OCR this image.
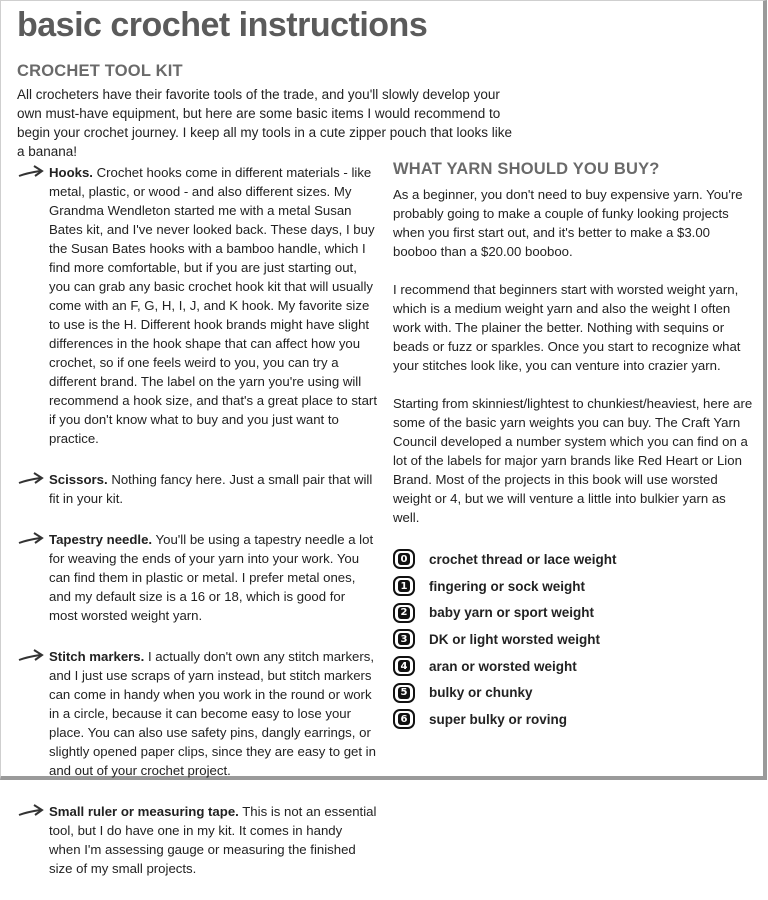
basic crochet instructions
CROCHET TOOL KIT

All crocheters have their favorite tools of the trade, and you'll slowly develop your own must-have equipment, but here are some basic items I would recommend to begin your crochet journey. I keep all my tools in a cute zipper pouch that looks like a banana!

Hooks. Crochet hooks come in different materials - like metal, plastic, or wood - and also different sizes. My Grandma Wendleton started me with a metal Susan Bates kit, and I've never looked back. These days, I buy the Susan Bates hooks with a bamboo handle, which I find more comfortable, but if you are just starting out, you can grab any basic crochet hook kit that will usually come with an F, G, H, I, J, and K hook. My favorite size to use is the H. Different hook brands might have slight differences in the hook shape that can affect how you crochet, so if one feels weird to you, you can try a different brand. The label on the yarn you're using will recommend a hook size, and that's a great place to start if you don't know what to buy and you just want to practice.
Scissors. Nothing fancy here. Just a small pair that will fit in your kit.
Tapestry needle. You'll be using a tapestry needle a lot for weaving the ends of your yarn into your work. You can find them in plastic or metal. I prefer metal ones, and my default size is a 16 or 18, which is good for most worsted weight yarn.
Stitch markers. I actually don't own any stitch markers, and I just use scraps of yarn instead, but stitch markers can come in handy when you work in the round or work in a circle, because it can become easy to lose your place. You can also use safety pins, dangly earrings, or slightly opened paper clips, since they are easy to get in and out of your crochet project.
Small ruler or measuring tape. This is not an essential tool, but I do have one in my kit. It comes in handy when I'm assessing gauge or measuring the finished size of my small projects.
WHAT YARN SHOULD YOU BUY?

As a beginner, you don't need to buy expensive yarn. You're probably going to make a couple of funky looking projects when you first start out, and it's better to make a $3.00 booboo than a $20.00 booboo.

I recommend that beginners start with worsted weight yarn, which is a medium weight yarn and also the weight I often work with. The plainer the better. Nothing with sequins or beads or fuzz or sparkles. Once you start to recognize what your stitches look like, you can venture into crazier yarn.

Starting from skinniest/lightest to chunkiest/heaviest, here are some of the basic yarn weights you can buy. The Craft Yarn Council developed a number system which you can find on a lot of the labels for major yarn brands like Red Heart or Lion Brand. Most of the projects in this book will use worsted weight or 4, but we will venture a little into bulkier yarn as well.

0 crochet thread or lace weight
1 fingering or sock weight
2 baby yarn or sport weight
3 DK or light worsted weight
4 aran or worsted weight
5 bulky or chunky
6 super bulky or roving
